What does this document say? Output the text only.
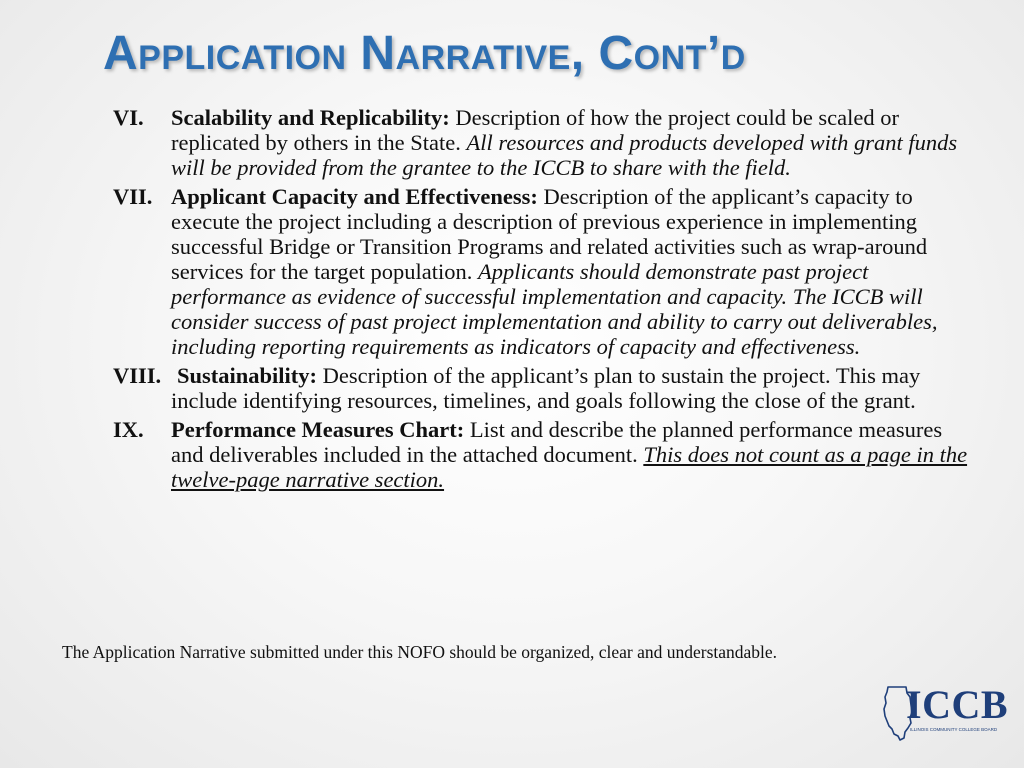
Application Narrative, Cont’d
VI. Scalability and Replicability: Description of how the project could be scaled or replicated by others in the State. All resources and products developed with grant funds will be provided from the grantee to the ICCB to share with the field.
VII. Applicant Capacity and Effectiveness: Description of the applicant’s capacity to execute the project including a description of previous experience in implementing successful Bridge or Transition Programs and related activities such as wrap-around services for the target population. Applicants should demonstrate past project performance as evidence of successful implementation and capacity. The ICCB will consider success of past project implementation and ability to carry out deliverables, including reporting requirements as indicators of capacity and effectiveness.
VIII. Sustainability: Description of the applicant’s plan to sustain the project. This may include identifying resources, timelines, and goals following the close of the grant.
IX. Performance Measures Chart: List and describe the planned performance measures and deliverables included in the attached document. This does not count as a page in the twelve-page narrative section.

The Application Narrative submitted under this NOFO should be organized, clear and understandable.

ICCB
ILLINOIS COMMUNITY COLLEGE BOARD
